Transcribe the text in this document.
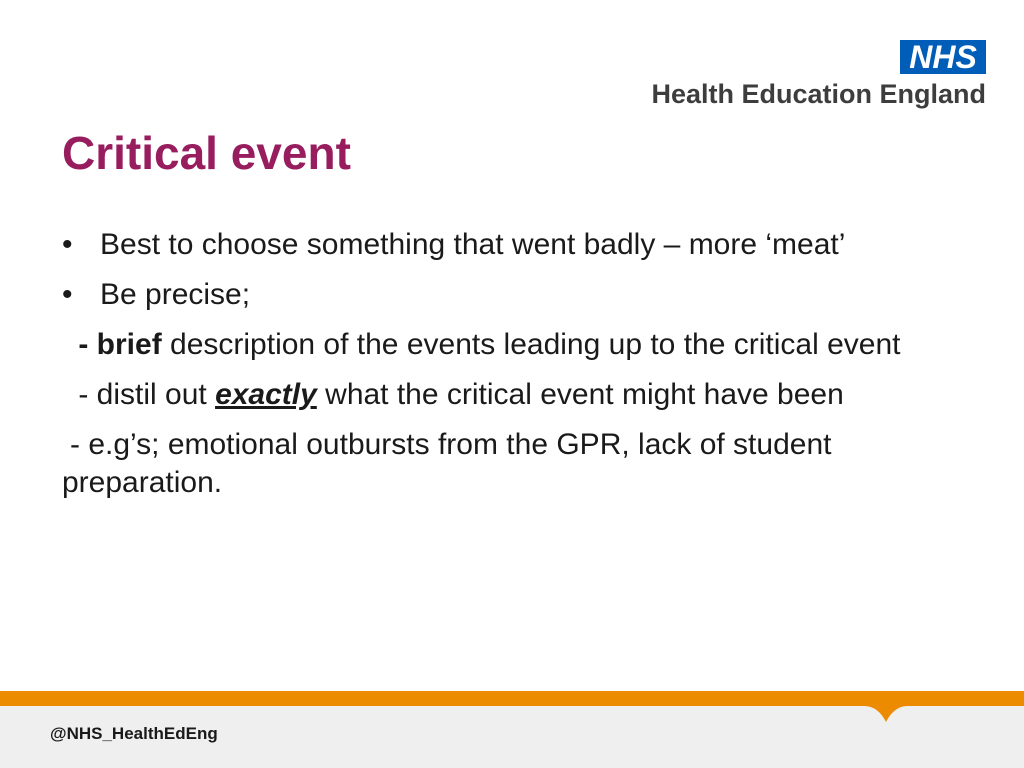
NHS
Health Education England
Critical event
• Best to choose something that went badly – more ‘meat’
• Be precise;
- brief description of the events leading up to the critical event
- distil out exactly what the critical event might have been
- e.g’s; emotional outbursts from the GPR, lack of student preparation.
@NHS_HealthEdEng
